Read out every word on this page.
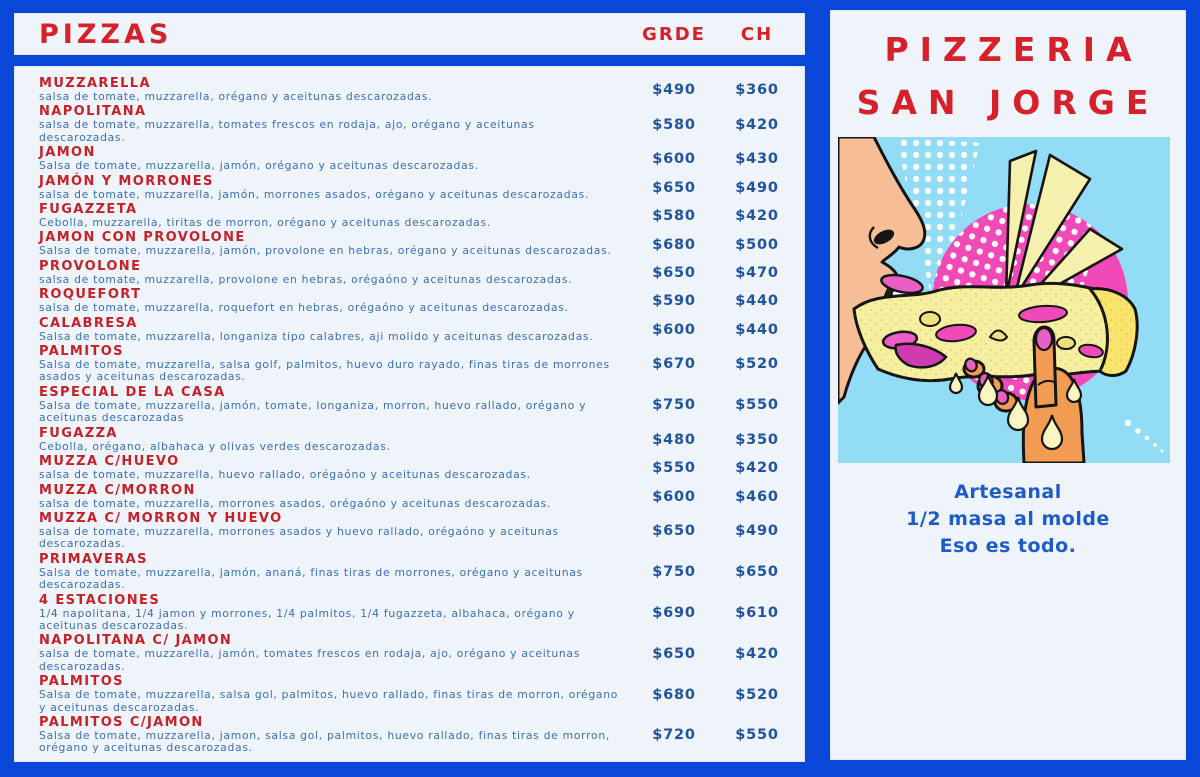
PIZZAS	GRDE	CH
MUZZARELLA
salsa de tomate, muzzarella, orégano y aceitunas descarozadas.	$490	$360
NAPOLITANA
salsa de tomate, muzzarella, tomates frescos en rodaja, ajo, orégano y aceitunas descarozadas.
$580	$420
JAMON
Salsa de tomate, muzzarella, jamón, orégano y aceitunas descarozadas.	$600	$430
JAMÓN Y MORRONES
salsa de tomate, muzzarella, jamón, morrones asados, orégano y aceitunas descarozadas.	$650	$490
FUGAZZETA
Cebolla, muzzarella, tiritas de morron, orégano y aceitunas descarozadas.	$580	$420
JAMON CON PROVOLONE
Salsa de tomate, muzzarella, jamón, provolone en hebras, orégano y aceitunas descarozadas.	$680	$500
PROVOLONE
salsa de tomate, muzzarella, provolone en hebras, orégaóno y aceitunas descarozadas.	$650	$470
ROQUEFORT
salsa de tomate, muzzarella, roquefort en hebras, orégaóno y aceitunas descarozadas.	$590	$440
CALABRESA
Salsa de tomate, muzzarella, longaniza tipo calabres, aji molido y aceitunas descarozadas.	$600	$440
PALMITOS
Salsa de tomate, muzzarella, salsa golf, palmitos, huevo duro rayado, finas tiras de morrones asados y aceitunas descarozadas.
$670	$520
ESPECIAL DE LA CASA
Salsa de tomate, muzzarella, jamón, tomate, longaniza, morron, huevo rallado, orégano y aceitunas descarozadas
$750	$550
FUGAZZA
Cebolla, orégano, albahaca y olivas verdes descarozadas.	$480	$350
MUZZA C/HUEVO
salsa de tomate, muzzarella, huevo rallado, orégaóno y aceitunas descarozadas.	$550	$420
MUZZA C/MORRON
salsa de tomate, muzzarella, morrones asados, orégaóno y aceitunas descarozadas.	$600	$460
MUZZA C/ MORRON Y HUEVO
salsa de tomate, muzzarella, morrones asados y huevo rallado, orégaóno y aceitunas descarozadas.
$650	$490
PRIMAVERAS
Salsa de tomate, muzzarella, jamón, ananá, finas tiras de morrones, orégano y aceitunas descarozadas.
$750	$650
4 ESTACIONES
1/4 napolitana, 1/4 jamon y morrones, 1/4 palmitos, 1/4 fugazzeta, albahaca, orégano y aceitunas descarozadas.
$690	$610
NAPOLITANA C/ JAMON
salsa de tomate, muzzarella, jamón, tomates frescos en rodaja, ajo, orégano y aceitunas descarozadas.
$650	$420
PALMITOS
Salsa de tomate, muzzarella, salsa gol, palmitos, huevo rallado, finas tiras de morron, orégano y aceitunas descarozadas.
$680	$520
PALMITOS C/JAMON
Salsa de tomate, muzzarella, jamon, salsa gol, palmitos, huevo rallado, finas tiras de morron, orégano y aceitunas descarozadas.
$720	$550
PIZZERIA
SAN JORGE

Artesanal
1/2 masa al molde
Eso es todo.
